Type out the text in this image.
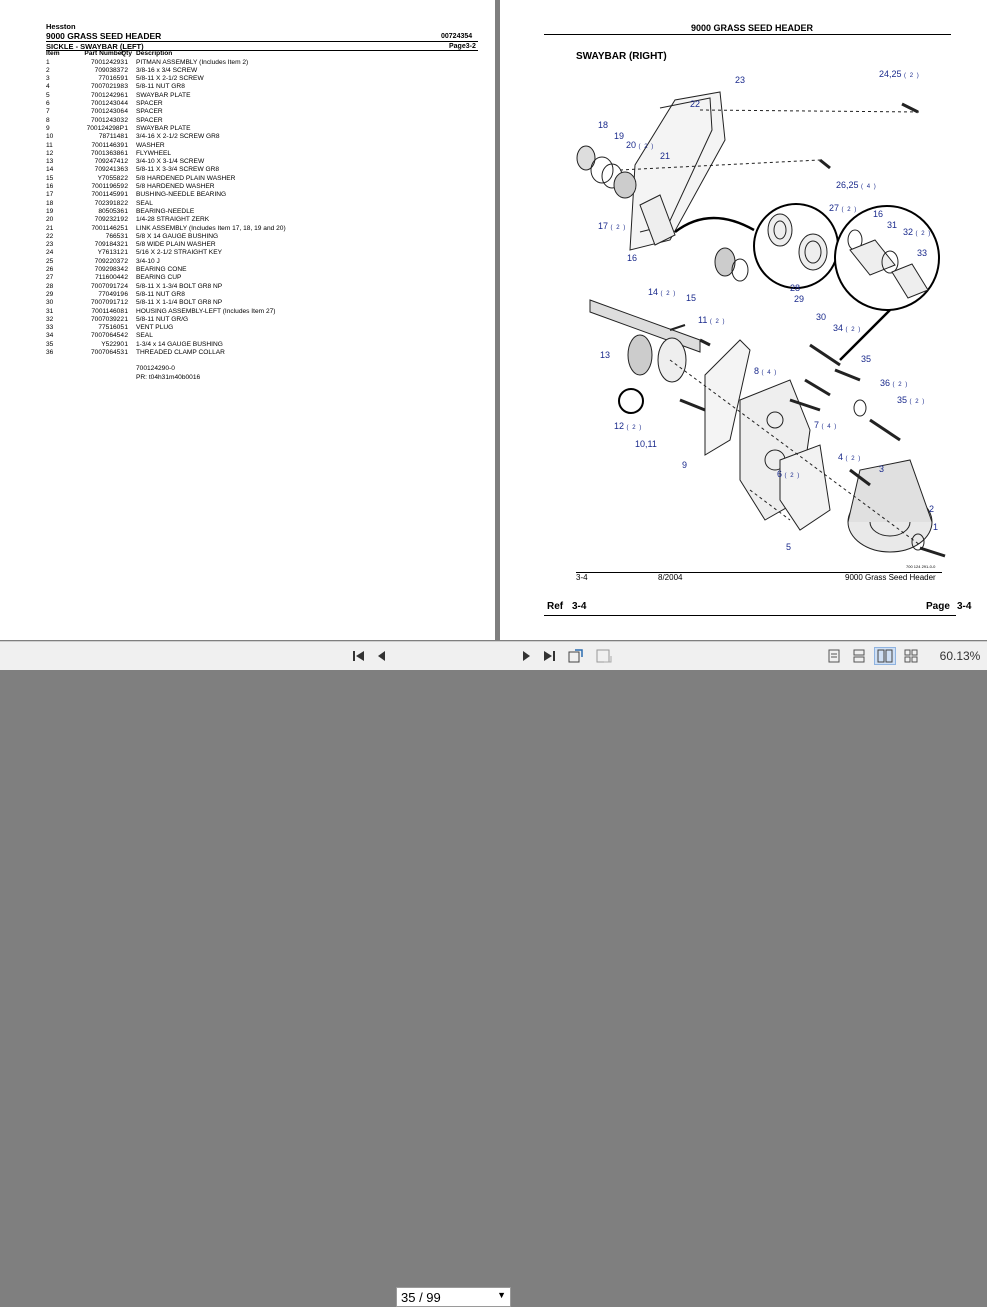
Hesston
9000 GRASS SEED HEADER	00724354
SICKLE - SWAYBAR (LEFT)	Page3-2
Item	Part Number
Qty Description
1	700124293 1 PITMAN ASSEMBLY (Includes Item 2)
2	70903837 2 3/8-16 x 3/4 SCREW
3	7701659 1 5/8-11 X 2-1/2 SCREW
4	700702198 3 5/8-11 NUT GR8
5	700124296 1 SWAYBAR PLATE
6	700124304 4 SPACER
7	700124306 4 SPACER
8	700124303 2 SPACER
9	700124298P 1 SWAYBAR PLATE
10	7871148 1 3/4-16 X 2-1/2 SCREW GR8
11	700114639 1 WASHER
12	700136386 1 FLYWHEEL
13	70924741 2 3/4-10 X 3-1/4 SCREW
14	70924136 3 5/8-11 X 3-3/4 SCREW GR8
15	Y705582 2 5/8 HARDENED PLAIN WASHER
16	700119659 2 5/8 HARDENED WASHER
17	700114599 1 BUSHING-NEEDLE BEARING
18	70239182 2 SEAL
19	8050536 1 BEARING-NEEDLE
20	70923219 2 1/4-28 STRAIGHT ZERK
21	700114625 1 LINK ASSEMBLY (Includes Item 17, 18, 19 and 20)
22	76653 1 5/8 X 14 GAUGE BUSHING
23	70918432 1 5/8 WIDE PLAIN WASHER
24	Y761312 1 5/16 X 2-1/2 STRAIGHT KEY
25	70922037 2 3/4-10 J
26	70929834 2 BEARING CONE
27	71160044 2 BEARING CUP
28	700709172 4 5/8-11 X 1-3/4 BOLT GR8 NP
29	7704919 6 5/8-11 NUT GR8
30	700709171 2 5/8-11 X 1-1/4 BOLT GR8 NP
31	700114608 1 HOUSING ASSEMBLY-LEFT (Includes Item 27)
32	700703922 1 5/8-11 NUT GR/G
33	7751605 1 VENT PLUG
34	700706454 2 SEAL
35	Y52290 1 1-3/4 x 14 GAUGE BUSHING
36	700706453 1 THREADED CLAMP COLLAR
700124290-0
PR: t04h31m40b0016
9000 GRASS SEED HEADER
SWAYBAR (RIGHT)
23
24,25 ( 2 )
22
18
19
20 ( 2 )
21
26,25 ( 4 )
27 ( 2 ) 16
31
32 ( 2 )
33
17 ( 2 )
16
28
29
14 ( 2 ) 15
11 ( 2 )	30
34 ( 2 )
13	35
8 ( 4 )
36 ( 2 )
35 ( 2 )
12 ( 2 )	7 ( 4 )
10,11
4 ( 2 )
9	3
6 ( 2 )
2
1
5
700 124 291-0-0
3-4	8/2004	9000 Grass Seed Header
Ref 3-4	Page 3-4
35 / 99	▼
60.13%
